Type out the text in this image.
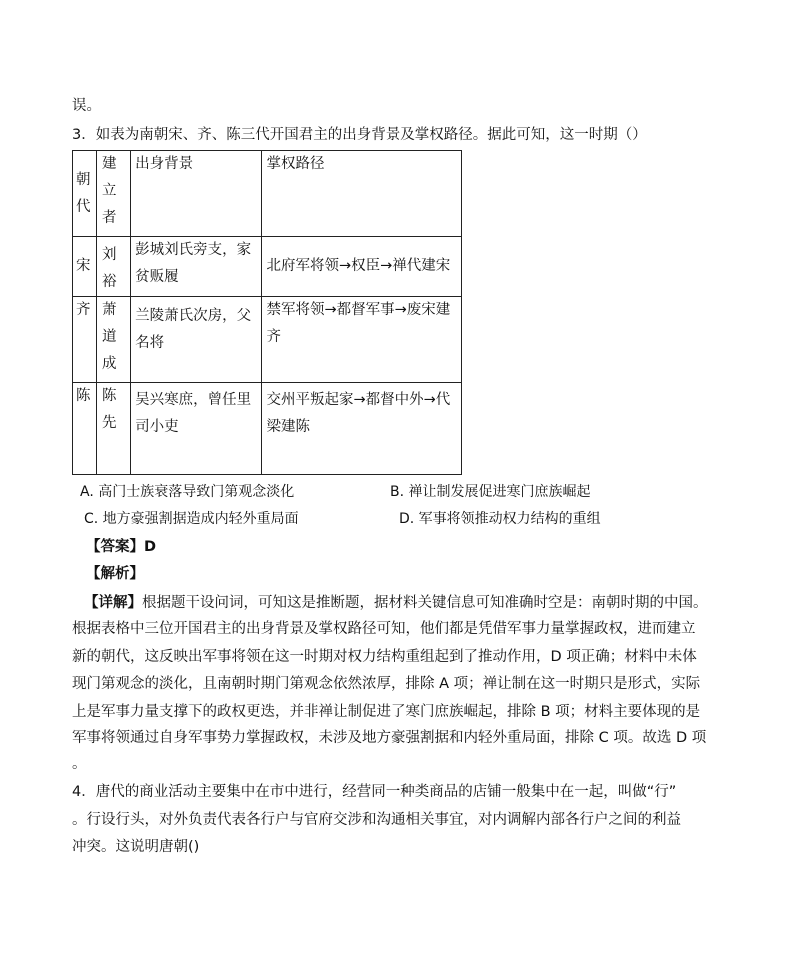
误。
3．如表为南朝宋、齐、陈三代开国君主的出身背景及掌权路径。据此可知，这一时期（）
朝代	建立者	出身背景	掌权路径

宋	刘裕	彭城刘氏旁支，家贫贩履	北府军将领→权臣→禅代建宋

齐	萧道成	兰陵萧氏次房，父名将	禁军将领→都督军事→废宋建齐

陈	陈先	吴兴寒庶，曾任里司小吏	交州平叛起家→都督中外→代梁建陈
A. 高门士族衰落导致门第观念淡化	B. 禅让制发展促进寒门庶族崛起
C. 地方豪强割据造成内轻外重局面	D. 军事将领推动权力结构的重组
【答案】D
【解析】
【详解】根据题干设问词，可知这是推断题，据材料关键信息可知准确时空是：南朝时期的中国。
根据表格中三位开国君主的出身背景及掌权路径可知，他们都是凭借军事力量掌握政权，进而建立
新的朝代，这反映出军事将领在这一时期对权力结构重组起到了推动作用，D 项正确；材料中未体
现门第观念的淡化，且南朝时期门第观念依然浓厚，排除 A 项；禅让制在这一时期只是形式，实际
上是军事力量支撑下的政权更迭，并非禅让制促进了寒门庶族崛起，排除 B 项；材料主要体现的是
军事将领通过自身军事势力掌握政权，未涉及地方豪强割据和内轻外重局面，排除 C 项。故选 D 项
。
4．唐代的商业活动主要集中在市中进行，经营同一种类商品的店铺一般集中在一起，叫做“行”
。行设行头，对外负责代表各行户与官府交涉和沟通相关事宜，对内调解内部各行户之间的利益
冲突。这说明唐朝()
